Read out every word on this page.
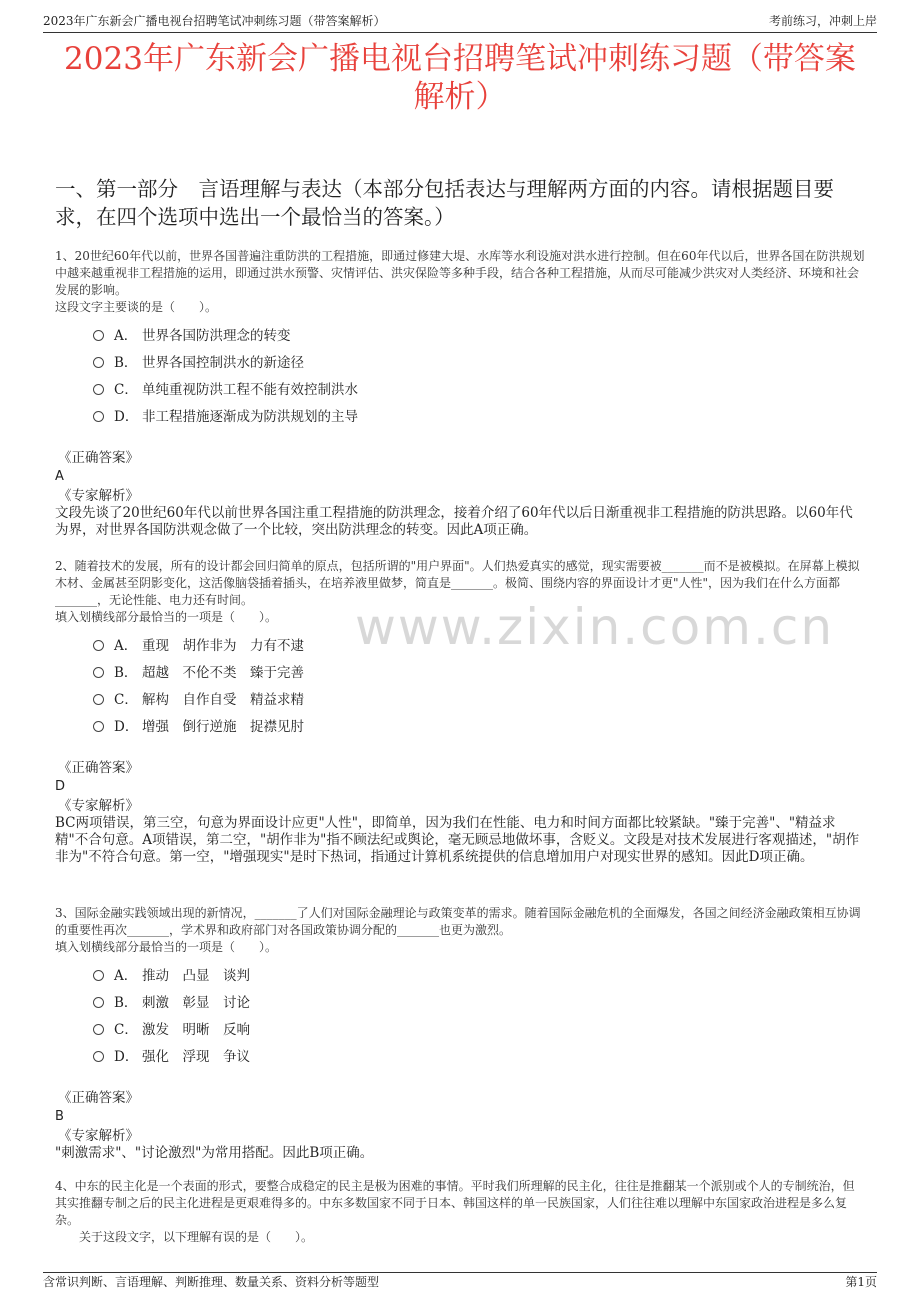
2023年广东新会广播电视台招聘笔试冲刺练习题（带答案解析）	考前练习，冲刺上岸
2023年广东新会广播电视台招聘笔试冲刺练习题（带答案解析）
一、第一部分　言语理解与表达（本部分包括表达与理解两方面的内容。请根据题目要求，在四个选项中选出一个最恰当的答案。）
www.zixin.com.cn
1、20世纪60年代以前，世界各国普遍注重防洪的工程措施，即通过修建大堤、水库等水利设施对洪水进行控制。但在60年代以后，世界各国在防洪规划中越来越重视非工程措施的运用，即通过洪水预警、灾情评估、洪灾保险等多种手段，结合各种工程措施，从而尽可能减少洪灾对人类经济、环境和社会发展的影响。
这段文字主要谈的是（　　）。
A． 世界各国防洪理念的转变
B． 世界各国控制洪水的新途径
C． 单纯重视防洪工程不能有效控制洪水
D． 非工程措施逐渐成为防洪规划的主导
《正确答案》
A
《专家解析》
文段先谈了20世纪60年代以前世界各国注重工程措施的防洪理念，接着介绍了60年代以后日渐重视非工程措施的防洪思路。以60年代为界，对世界各国防洪观念做了一个比较，突出防洪理念的转变。因此A项正确。
2、随着技术的发展，所有的设计都会回归简单的原点，包括所谓的"用户界面"。人们热爱真实的感觉，现实需要被_______而不是被模拟。在屏幕上模拟木材、金属甚至阴影变化，这活像脑袋插着插头，在培养液里做梦，简直是_______。极简、围绕内容的界面设计才更"人性"，因为我们在什么方面都_______，无论性能、电力还有时间。
填入划横线部分最恰当的一项是（　　）。
A． 重现　胡作非为　力有不逮
B． 超越　不伦不类　臻于完善
C． 解构　自作自受　精益求精
D． 增强　倒行逆施　捉襟见肘
《正确答案》
D
《专家解析》
BC两项错误，第三空，句意为界面设计应更"人性"，即简单，因为我们在性能、电力和时间方面都比较紧缺。"臻于完善"、"精益求精"不合句意。A项错误，第二空，"胡作非为"指不顾法纪或舆论，毫无顾忌地做坏事，含贬义。文段是对技术发展进行客观描述，"胡作非为"不符合句意。第一空，"增强现实"是时下热词，指通过计算机系统提供的信息增加用户对现实世界的感知。因此D项正确。
3、国际金融实践领域出现的新情况，_______了人们对国际金融理论与政策变革的需求。随着国际金融危机的全面爆发，各国之间经济金融政策相互协调的重要性再次_______，学术界和政府部门对各国政策协调分配的_______也更为激烈。
填入划横线部分最恰当的一项是（　　）。
A． 推动　凸显　谈判
B． 刺激　彰显　讨论
C． 激发　明晰　反响
D． 强化　浮现　争议
《正确答案》
B
《专家解析》
"刺激需求"、"讨论激烈"为常用搭配。因此B项正确。
4、中东的民主化是一个表面的形式，要整合成稳定的民主是极为困难的事情。平时我们所理解的民主化，往往是推翻某一个派别或个人的专制统治，但其实推翻专制之后的民主化进程是更艰难得多的。中东多数国家不同于日本、韩国这样的单一民族国家，人们往往难以理解中东国家政治进程是多么复杂。
关于这段文字，以下理解有误的是（　　）。
含常识判断、言语理解、判断推理、数量关系、资料分析等题型	第1页
